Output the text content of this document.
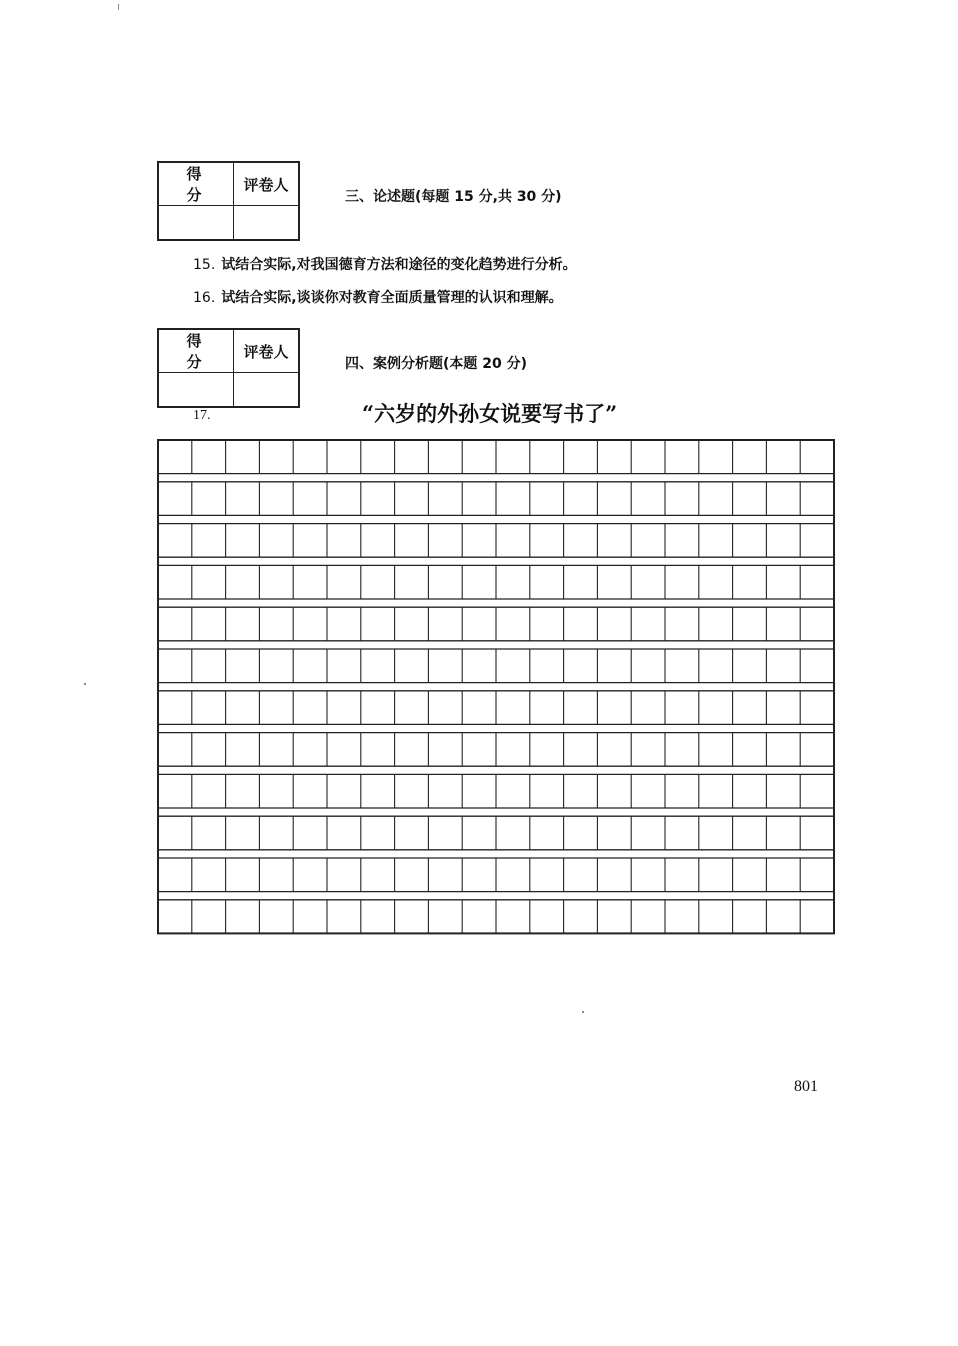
得 分	评卷人

三、论述题(每题 15 分,共 30 分)
15. 试结合实际,对我国德育方法和途径的变化趋势进行分析。
16. 试结合实际,谈谈你对教育全面质量管理的认识和理解。
得 分	评卷人

四、案例分析题(本题 20 分)
17.	“六岁的外孙女说要写书了”
801
